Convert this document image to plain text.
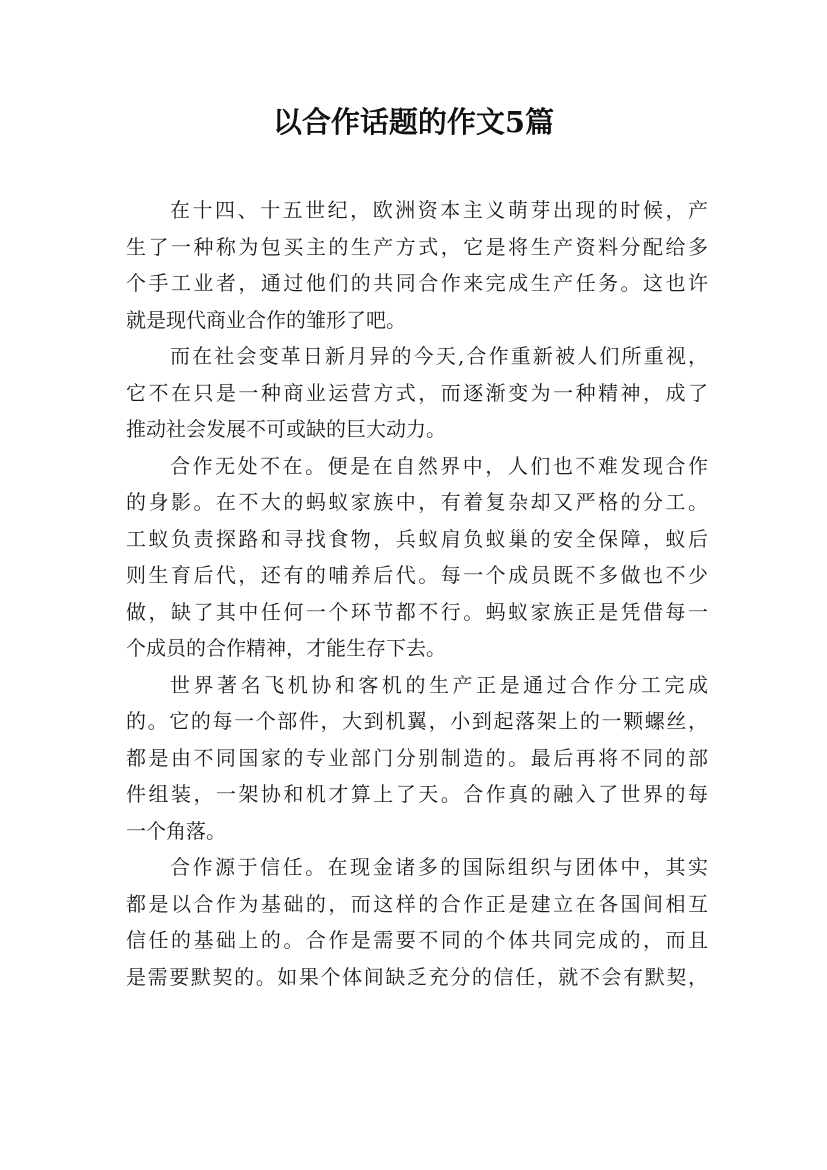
以合作话题的作文5篇
在十四、十五世纪，欧洲资本主义萌芽出现的时候，产
生了一种称为包买主的生产方式，它是将生产资料分配给多
个手工业者，通过他们的共同合作来完成生产任务。这也许
就是现代商业合作的雏形了吧。
而在社会变革日新月异的今天,合作重新被人们所重视，
它不在只是一种商业运营方式，而逐渐变为一种精神，成了
推动社会发展不可或缺的巨大动力。
合作无处不在。便是在自然界中，人们也不难发现合作
的身影。在不大的蚂蚁家族中，有着复杂却又严格的分工。
工蚁负责探路和寻找食物，兵蚁肩负蚁巢的安全保障，蚁后
则生育后代，还有的哺养后代。每一个成员既不多做也不少
做，缺了其中任何一个环节都不行。蚂蚁家族正是凭借每一
个成员的合作精神，才能生存下去。
世界著名飞机协和客机的生产正是通过合作分工完成
的。它的每一个部件，大到机翼，小到起落架上的一颗螺丝，
都是由不同国家的专业部门分别制造的。最后再将不同的部
件组装，一架协和机才算上了天。合作真的融入了世界的每
一个角落。
合作源于信任。在现金诸多的国际组织与团体中，其实
都是以合作为基础的，而这样的合作正是建立在各国间相互
信任的基础上的。合作是需要不同的个体共同完成的，而且
是需要默契的。如果个体间缺乏充分的信任，就不会有默契，
